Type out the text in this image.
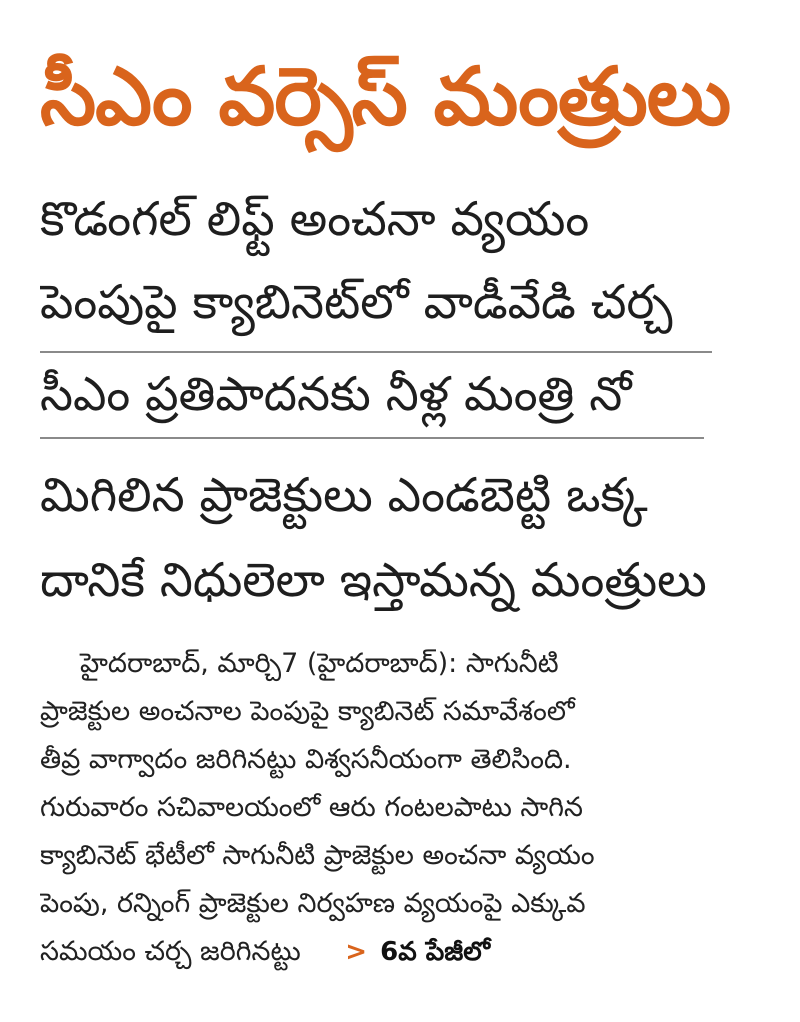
సీఎం వర్సెస్ మంత్రులు
కొడంగల్ లిఫ్ట్ అంచనా వ్యయం
పెంపుపై క్యాబినెట్‌లో వాడీవేడి చర్చ
సీఎం ప్రతిపాదనకు నీళ్ల మంత్రి నో
మిగిలిన ప్రాజెక్టులు ఎండబెట్టి ఒక్క
దానికే నిధులెలా ఇస్తామన్న మంత్రులు
హైదరాబాద్, మార్చి7 (హైదరాబాద్): సాగునీటి
ప్రాజెక్టుల అంచనాల పెంపుపై క్యాబినెట్ సమావేశంలో
తీవ్ర వాగ్వాదం జరిగినట్టు విశ్వసనీయంగా తెలిసింది.
గురువారం సచివాలయంలో ఆరు గంటలపాటు సాగిన
క్యాబినెట్ భేటీలో సాగునీటి ప్రాజెక్టుల అంచనా వ్యయం
పెంపు, రన్నింగ్ ప్రాజెక్టుల నిర్వహణ వ్యయంపై ఎక్కువ
సమయం చర్చ జరిగినట్టు > 6వ పేజీలో
